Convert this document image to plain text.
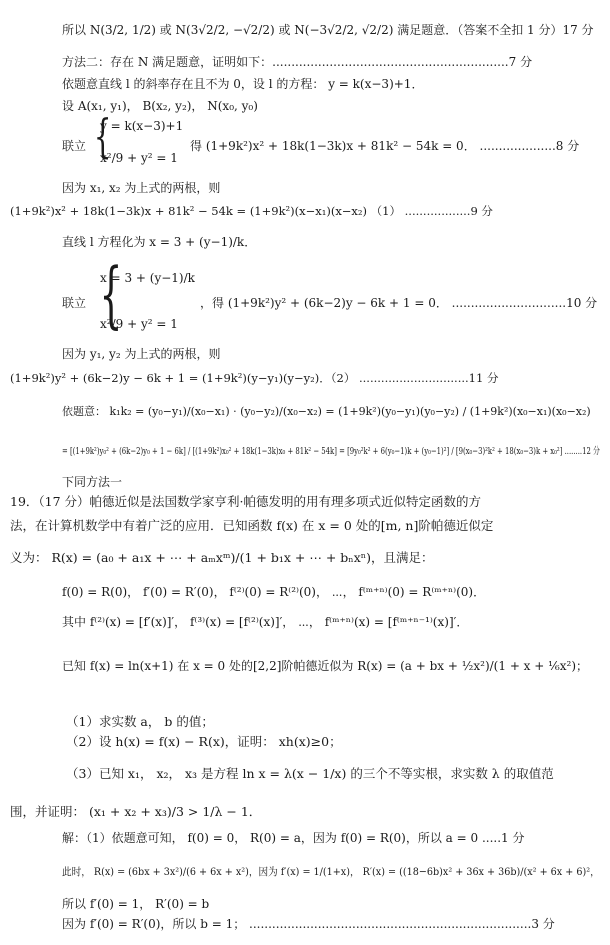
所以 N(3/2, 1/2) 或 N(3√2/2, −√2/2) 或 N(−3√2/2, √2/2) 满足题意．（答案不全扣 1 分）17 分
方法二：存在 N 满足题意，证明如下：..............................................................7 分
依题意直线 l 的斜率存在且不为 0，设 l 的方程： y = k(x−3)+1．
设 A(x₁, y₁)， B(x₂, y₂)， N(x₀, y₀)
联立 {
y = k(x−3)+1
x²/9 + y² = 1
得 (1+9k²)x² + 18k(1−3k)x + 81k² − 54k = 0． ....................8 分
因为 x₁, x₂ 为上式的两根，则
(1+9k²)x² + 18k(1−3k)x + 81k² − 54k = (1+9k²)(x−x₁)(x−x₂) （1） ..................9 分
直线 l 方程化为 x = 3 + (y−1)/k．
联立 {
x = 3 + (y−1)/k
x²/9 + y² = 1
，得 (1+9k²)y² + (6k−2)y − 6k + 1 = 0． ..............................10 分
因为 y₁, y₂ 为上式的两根，则
(1+9k²)y² + (6k−2)y − 6k + 1 = (1+9k²)(y−y₁)(y−y₂)．（2） ..............................11 分
依题意： k₁k₂ = (y₀−y₁)/(x₀−x₁) · (y₀−y₂)/(x₀−x₂) = (1+9k²)(y₀−y₁)(y₀−y₂) / (1+9k²)(x₀−x₁)(x₀−x₂)
= [(1+9k²)y₀² + (6k−2)y₀ + 1 − 6k] / [(1+9k²)x₀² + 18k(1−3k)x₀ + 81k² − 54k] = [9y₀²k² + 6(y₀−1)k + (y₀−1)²] / [9(x₀−3)²k² + 18(x₀−3)k + x₀²] ........12 分
下同方法一
19．（17 分）帕德近似是法国数学家亨利·帕德发明的用有理多项式近似特定函数的方
法，在计算机数学中有着广泛的应用．已知函数 f(x) 在 x = 0 处的[m, n]阶帕德近似定
义为： R(x) = (a₀ + a₁x + ⋯ + aₘxᵐ)/(1 + b₁x + ⋯ + bₙxⁿ)，且满足：
f(0) = R(0)， f′(0) = R′(0)， f⁽²⁾(0) = R⁽²⁾(0)， ⋯， f⁽ᵐ⁺ⁿ⁾(0) = R⁽ᵐ⁺ⁿ⁾(0)．
其中 f⁽²⁾(x) = [f′(x)]′， f⁽³⁾(x) = [f⁽²⁾(x)]′， ⋯， f⁽ᵐ⁺ⁿ⁾(x) = [f⁽ᵐ⁺ⁿ⁻¹⁾(x)]′．
已知 f(x) = ln(x+1) 在 x = 0 处的[2,2]阶帕德近似为 R(x) = (a + bx + ½x²)/(1 + x + ⅙x²)；
（1）求实数 a， b 的值；
（2）设 h(x) = f(x) − R(x)，证明： xh(x)≥0；
（3）已知 x₁， x₂， x₃ 是方程 ln x = λ(x − 1/x) 的三个不等实根，求实数 λ 的取值范
围，并证明： (x₁ + x₂ + x₃)/3 > 1/λ − 1．
解：（1）依题意可知， f(0) = 0， R(0) = a，因为 f(0) = R(0)，所以 a = 0 .....1 分
此时， R(x) = (6bx + 3x²)/(6 + 6x + x²)，因为 f′(x) = 1/(1+x)， R′(x) = ((18−6b)x² + 36x + 36b)/(x² + 6x + 6)²，
所以 f′(0) = 1， R′(0) = b
因为 f′(0) = R′(0)，所以 b = 1； ..........................................................................3 分
